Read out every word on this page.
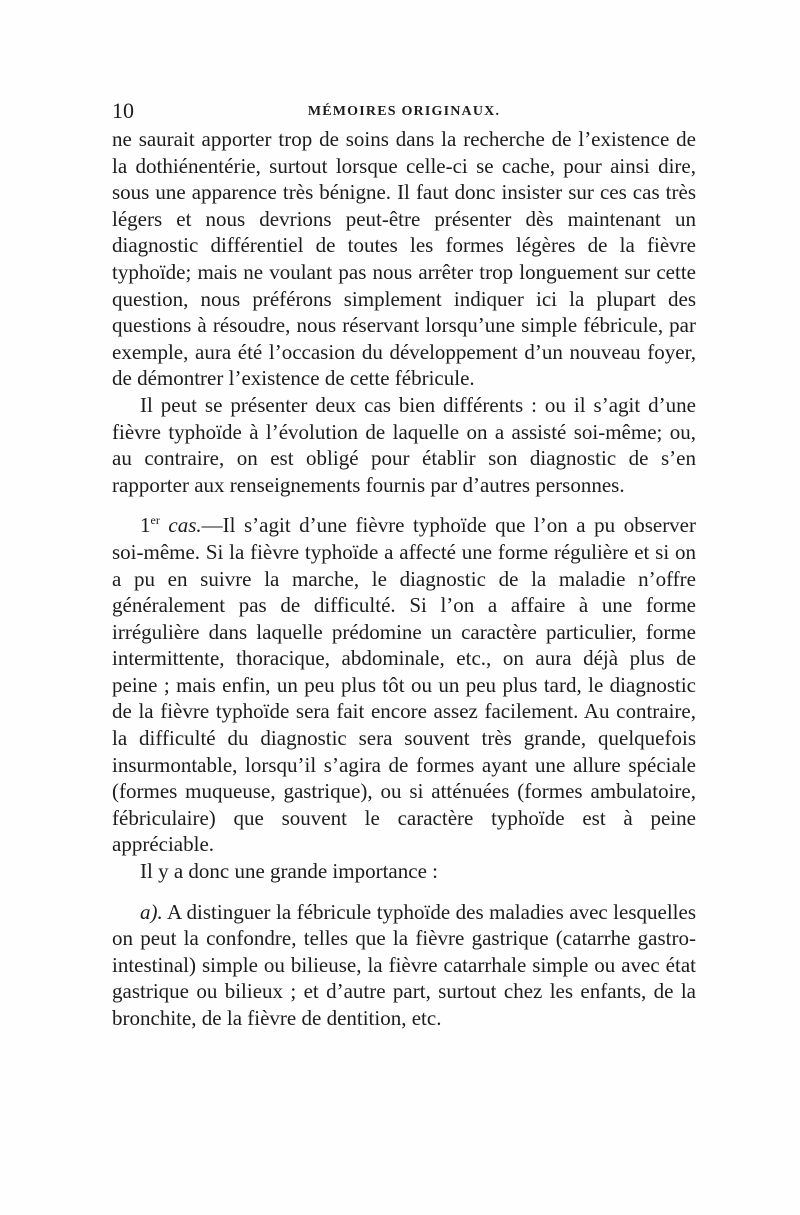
10	MÉMOIRES ORIGINAUX.

ne saurait apporter trop de soins dans la recherche de l’existence de la dothiénentérie, surtout lorsque celle-ci se cache, pour ainsi dire, sous une apparence très bénigne. Il faut donc insister sur ces cas très légers et nous devrions peut-être présenter dès maintenant un diagnostic différentiel de toutes les formes légères de la fièvre typhoïde; mais ne voulant pas nous arrêter trop longuement sur cette question, nous préférons simplement indiquer ici la plupart des questions à résoudre, nous réservant lorsqu’une simple fébricule, par exemple, aura été l’occasion du développement d’un nouveau foyer, de démontrer l’existence de cette fébricule.

Il peut se présenter deux cas bien différents : ou il s’agit d’une fièvre typhoïde à l’évolution de laquelle on a assisté soi-même; ou, au contraire, on est obligé pour établir son diagnostic de s’en rapporter aux renseignements fournis par d’autres personnes.

1er cas.—Il s’agit d’une fièvre typhoïde que l’on a pu observer soi-même. Si la fièvre typhoïde a affecté une forme régulière et si on a pu en suivre la marche, le diagnostic de la maladie n’offre généralement pas de difficulté. Si l’on a affaire à une forme irrégulière dans laquelle prédomine un caractère particulier, forme intermittente, thoracique, abdominale, etc., on aura déjà plus de peine ; mais enfin, un peu plus tôt ou un peu plus tard, le diagnostic de la fièvre typhoïde sera fait encore assez facilement. Au contraire, la difficulté du diagnostic sera souvent très grande, quelquefois insurmontable, lorsqu’il s’agira de formes ayant une allure spéciale (formes muqueuse, gastrique), ou si atténuées (formes ambulatoire, fébriculaire) que souvent le caractère typhoïde est à peine appréciable.

Il y a donc une grande importance :

a). A distinguer la fébricule typhoïde des maladies avec lesquelles on peut la confondre, telles que la fièvre gastrique (catarrhe gastro-intestinal) simple ou bilieuse, la fièvre catarrhale simple ou avec état gastrique ou bilieux ; et d’autre part, surtout chez les enfants, de la bronchite, de la fièvre de dentition, etc.
